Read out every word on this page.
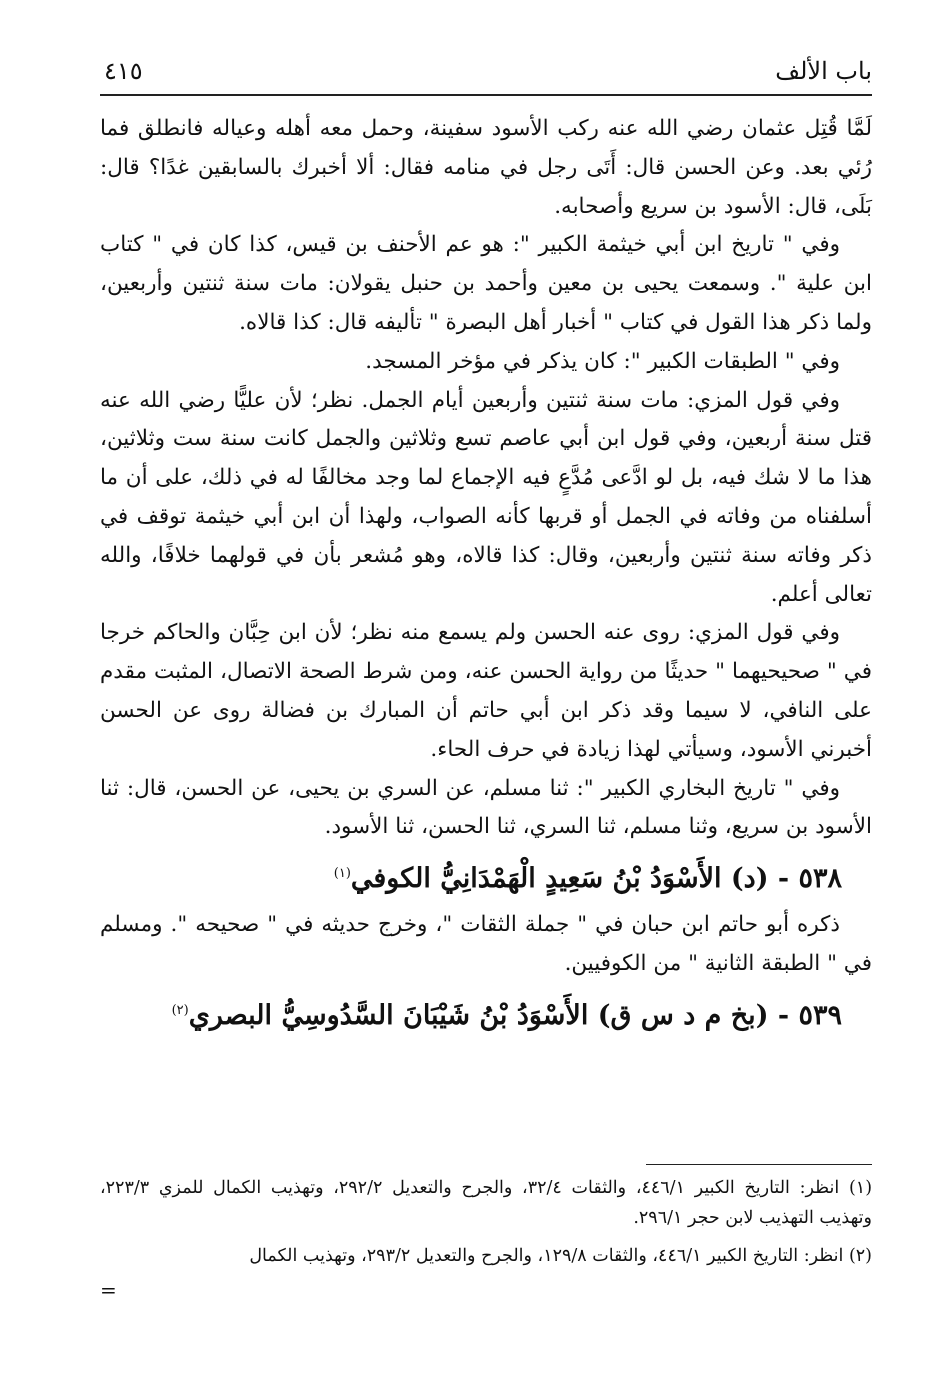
باب الألف
٤١٥

لَمَّا قُتِل عثمان رضي الله عنه ركب الأسود سفينة، وحمل معه أهله وعياله فانطلق فما رُئي بعد. وعن الحسن قال: أَتَى رجل في منامه فقال: ألا أخبرك بالسابقين غدًا؟ قال: بَلَى، قال: الأسود بن سريع وأصحابه.

وفي " تاريخ ابن أبي خيثمة الكبير ": هو عم الأحنف بن قيس، كذا كان في " كتاب ابن علية ". وسمعت يحيى بن معين وأحمد بن حنبل يقولان: مات سنة ثنتين وأربعين، ولما ذكر هذا القول في كتاب " أخبار أهل البصرة " تأليفه قال: كذا قالاه.

وفي " الطبقات الكبير ": كان يذكر في مؤخر المسجد.

وفي قول المزي: مات سنة ثنتين وأربعين أيام الجمل. نظر؛ لأن عليًّا رضي الله عنه قتل سنة أربعين، وفي قول ابن أبي عاصم تسع وثلاثين والجمل كانت سنة ست وثلاثين، هذا ما لا شك فيه، بل لو ادَّعى مُدَّعٍ فيه الإجماع لما وجد مخالفًا له في ذلك، على أن ما أسلفناه من وفاته في الجمل أو قربها كأنه الصواب، ولهذا أن ابن أبي خيثمة توقف في ذكر وفاته سنة ثنتين وأربعين، وقال: كذا قالاه، وهو مُشعر بأن في قولهما خلافًا، والله تعالى أعلم.

وفي قول المزي: روى عنه الحسن ولم يسمع منه نظر؛ لأن ابن حِبَّان والحاكم خرجا في " صحيحيهما " حديثًا من رواية الحسن عنه، ومن شرط الصحة الاتصال، المثبت مقدم على النافي، لا سيما وقد ذكر ابن أبي حاتم أن المبارك بن فضالة روى عن الحسن أخبرني الأسود، وسيأتي لهذا زيادة في حرف الحاء.

وفي " تاريخ البخاري الكبير ": ثنا مسلم، عن السري بن يحيى، عن الحسن، قال: ثنا الأسود بن سريع، وثنا مسلم، ثنا السري، ثنا الحسن، ثنا الأسود.

٥٣٨ - (د) الأَسْوَدُ بْنُ سَعِيدٍ الْهَمْدَانِيُّ الكوفي$^{(١)}$

ذكره أبو حاتم ابن حبان في " جملة الثقات "، وخرج حديثه في " صحيحه ". ومسلم في " الطبقة الثانية " من الكوفيين.

٥٣٩ - (بخ م د س ق) الأَسْوَدُ بْنُ شَيْبَانَ السَّدُوسِيُّ البصري$^{(٢)}$

(١) انظر: التاريخ الكبير ٤٤٦/١، والثقات ٣٢/٤، والجرح والتعديل ٢٩٢/٢، وتهذيب الكمال للمزي ٢٢٣/٣، وتهذيب التهذيب لابن حجر ٢٩٦/١.

(٢) انظر: التاريخ الكبير ٤٤٦/١، والثقات ١٢٩/٨، والجرح والتعديل ٢٩٣/٢، وتهذيب الكمال

=
